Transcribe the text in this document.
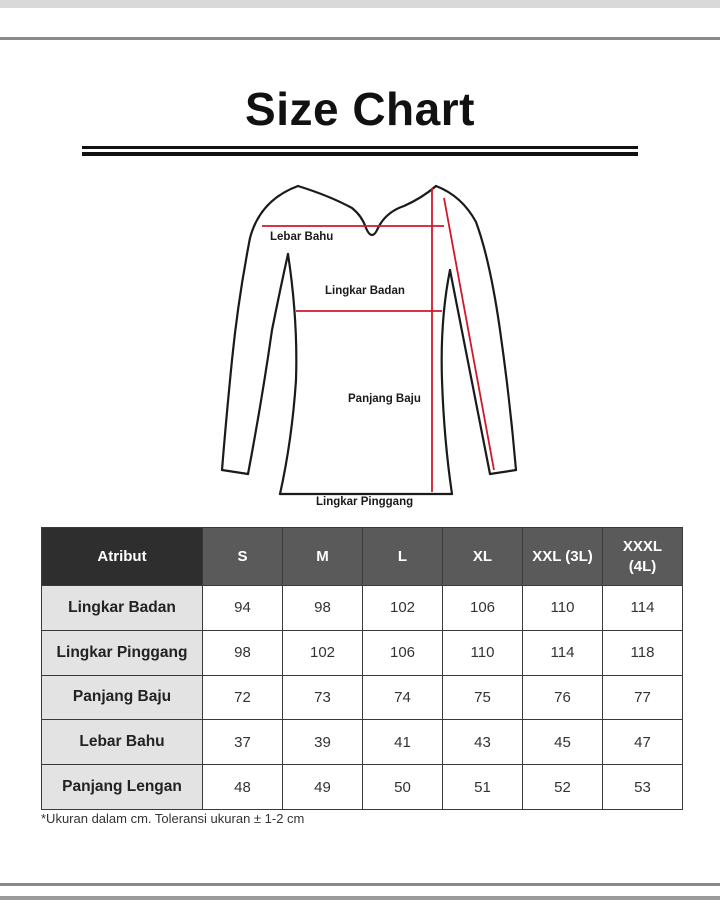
Size Chart
Lebar Bahu
Lingkar Badan
Panjang Baju
Lingkar Pinggang
Atribut	S	M	L	XL	XXL (3L)	XXXL (4L)
Lingkar Badan	94	98	102	106	110	114
Lingkar Pinggang	98	102	106	110	114	118
Panjang Baju	72	73	74	75	76	77
Lebar Bahu	37	39	41	43	45	47
Panjang Lengan	48	49	50	51	52	53
*Ukuran dalam cm. Toleransi ukuran ± 1-2 cm
